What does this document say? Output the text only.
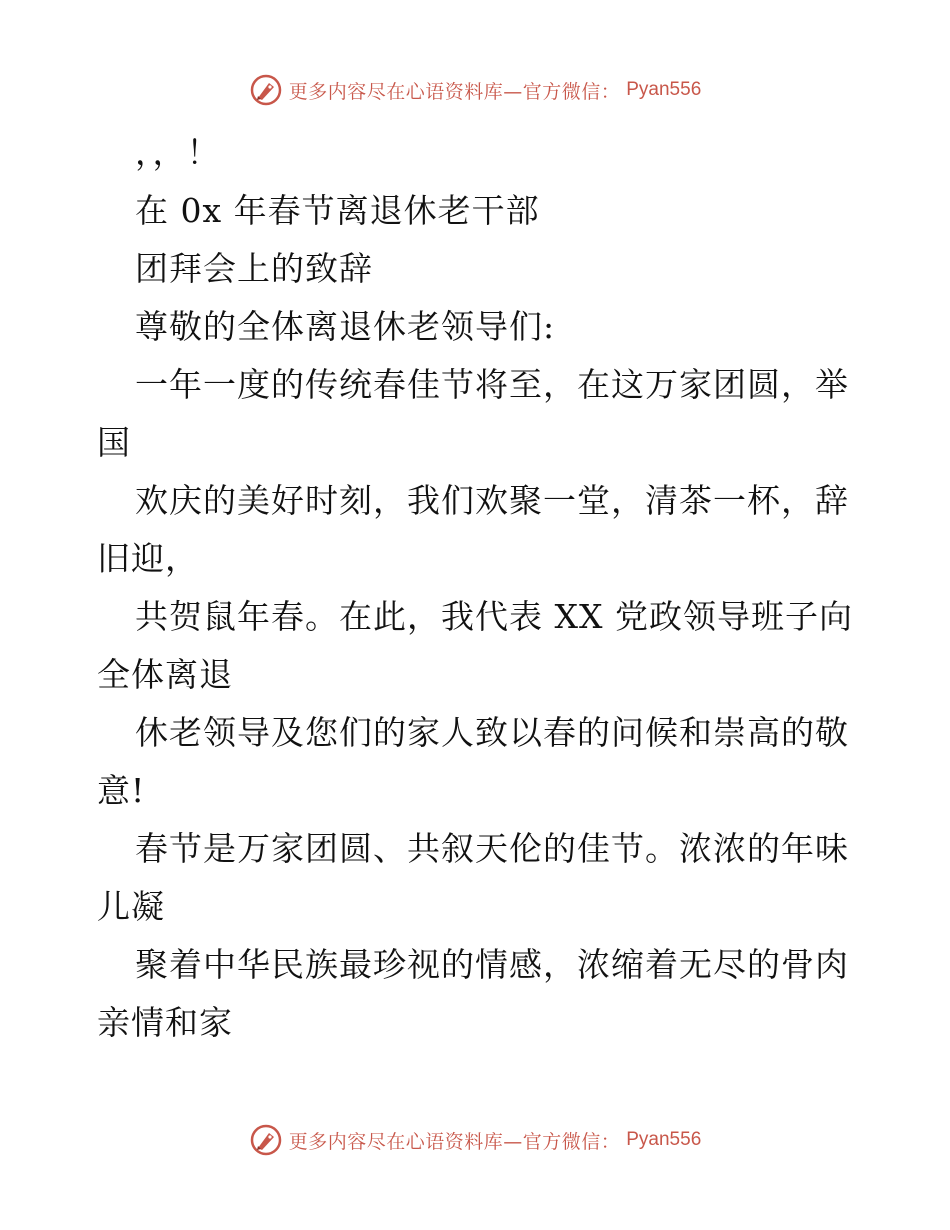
更多内容尽在心语资料库—官方微信： Pyan556
，，！
在 0x 年春节离退休老干部
团拜会上的致辞
尊敬的全体离退休老领导们:
一年一度的传统春佳节将至，在这万家团圆，举
国
欢庆的美好时刻，我们欢聚一堂，清茶一杯，辞
旧迎，
共贺鼠年春。在此，我代表 XX 党政领导班子向
全体离退
休老领导及您们的家人致以春的问候和崇高的敬
意!
春节是万家团圆、共叙天伦的佳节。浓浓的年味
儿凝
聚着中华民族最珍视的情感，浓缩着无尽的骨肉
亲情和家
更多内容尽在心语资料库—官方微信： Pyan556
